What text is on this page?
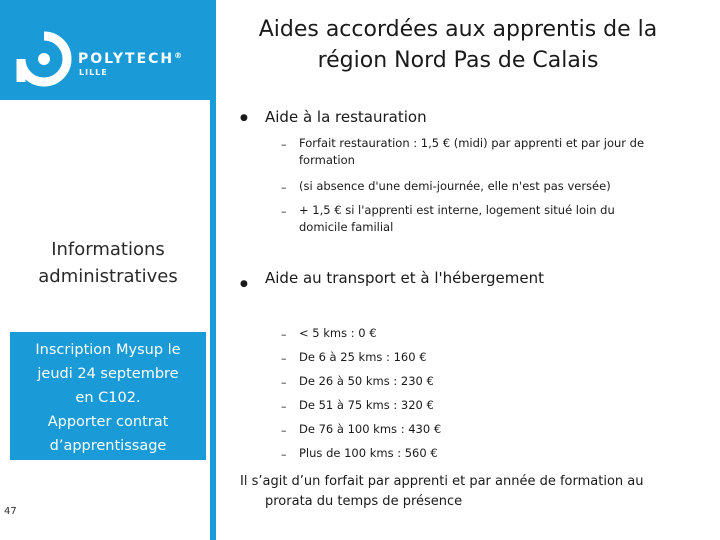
POLYTECH®
LILLE
Informations
administratives
Inscription Mysup le
jeudi 24 septembre
en C102.
Apporter contrat
d’apprentissage
47
Aides accordées aux apprentis de la
région Nord Pas de Calais
● Aide à la restauration
– Forfait restauration : 1,5 € (midi) par apprenti et par jour de
formation
– (si absence d'une demi-journée, elle n'est pas versée)
– + 1,5 € si l'apprenti est interne, logement situé loin du
domicile familial
● Aide au transport et à l'hébergement
– < 5 kms : 0 €
– De 6 à 25 kms : 160 €
– De 26 à 50 kms : 230 €
– De 51 à 75 kms : 320 €
– De 76 à 100 kms : 430 €
– Plus de 100 kms : 560 €
Il s’agit d’un forfait par apprenti et par année de formation au
prorata du temps de présence
